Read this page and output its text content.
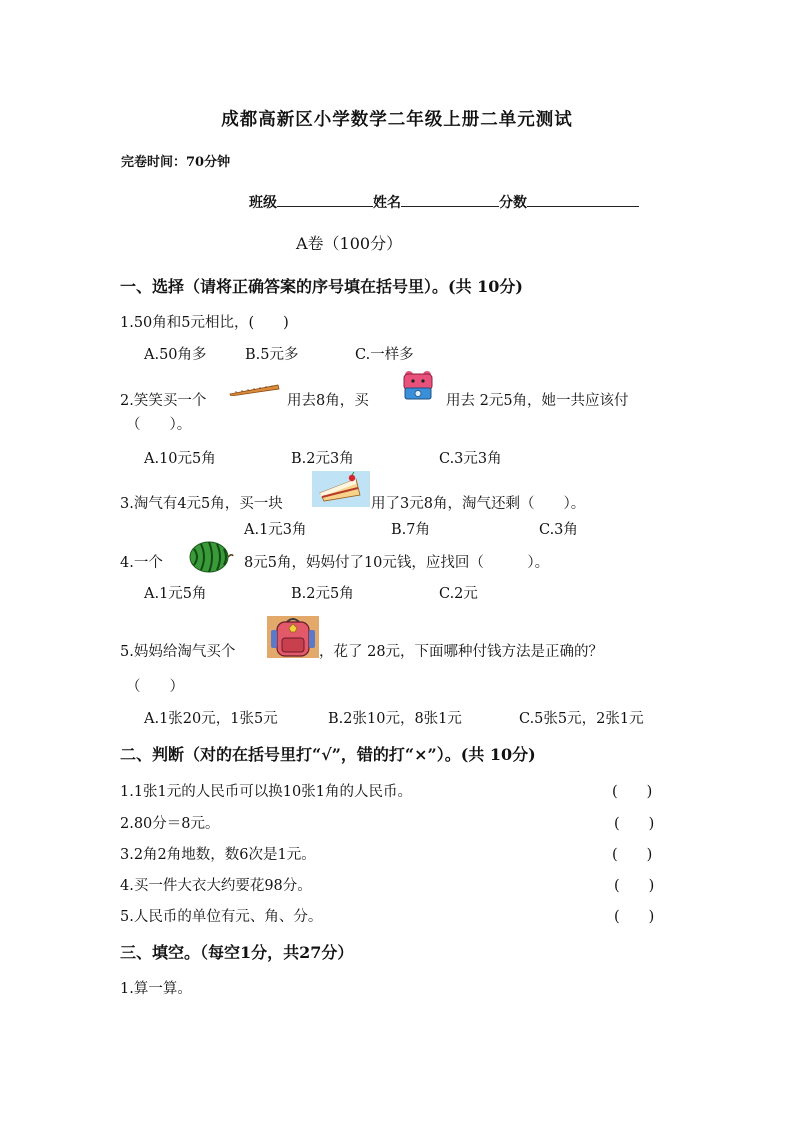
成都高新区小学数学二年级上册二单元测试
完卷时间：70分钟
班级	姓名	分数
A卷（100分）
一、选择（请将正确答案的序号填在括号里）。(共 10分)
1.50角和5元相比，(　　)
A.50角多	B.5元多	C.一样多
2.笑笑买一个	用去8角，买	用去 2元5角，她一共应该付
（　　）。
A.10元5角	B.2元3角	C.3元3角
3.淘气有4元5角，买一块	用了3元8角，淘气还剩（　　）。
A.1元3角	B.7角	C.3角
4.一个	8元5角，妈妈付了10元钱，应找回（　　　）。
A.1元5角	B.2元5角	C.2元
5.妈妈给淘气买个	，花了 28元，下面哪种付钱方法是正确的？
（　　）
A.1张20元，1张5元	B.2张10元，8张1元	C.5张5元，2张1元
二、判断（对的在括号里打“√”，错的打“×”）。(共 10分)
1.1张1元的人民币可以换10张1角的人民币。	(　　)
2.80分＝8元。	(　　)
3.2角2角地数，数6次是1元。	(　　)
4.买一件大衣大约要花98分。	(　　)
5.人民币的单位有元、角、分。	(　　)
三、填空。（每空1分，共27分）
1.算一算。
